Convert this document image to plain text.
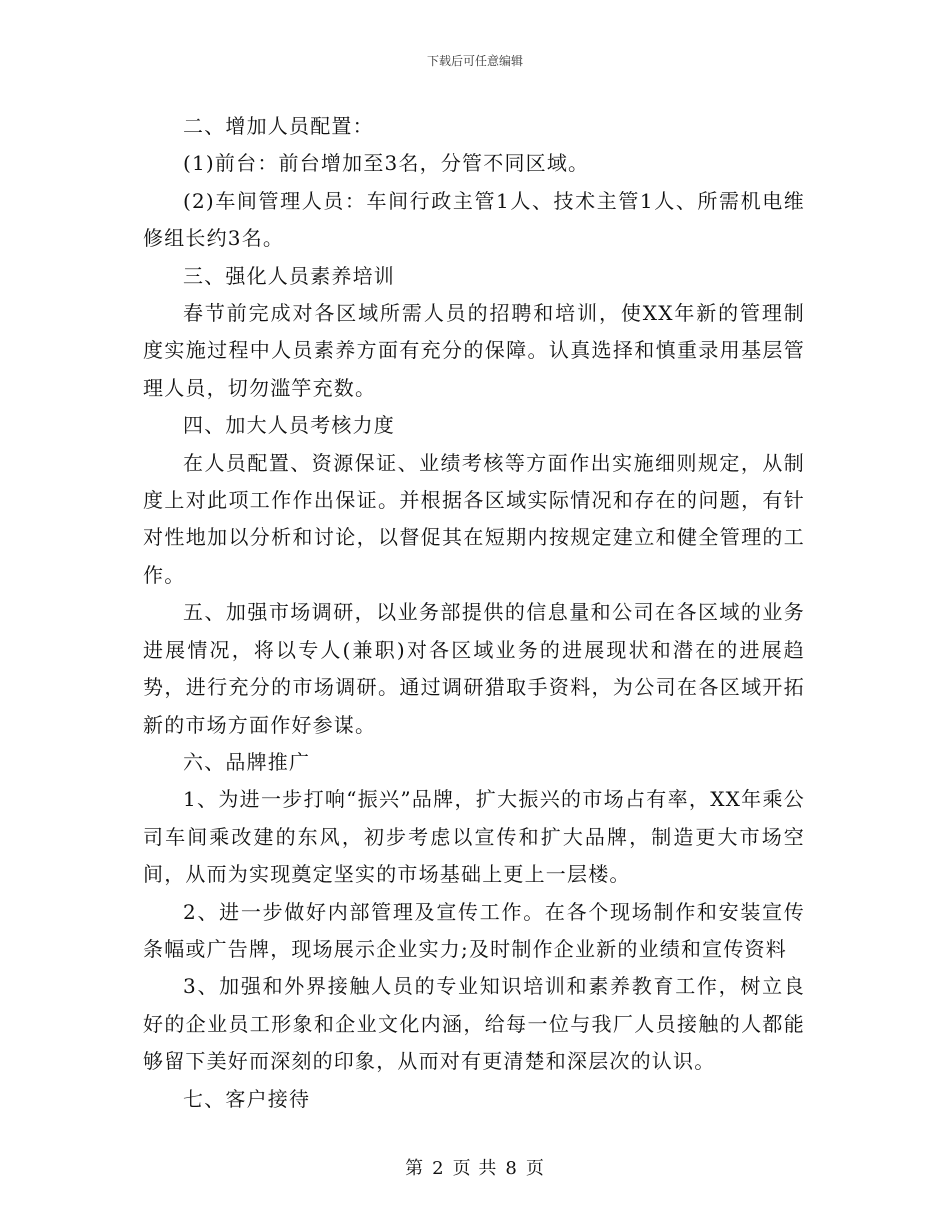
下载后可任意编辑

二、增加人员配置：

(1)前台：前台增加至3名，分管不同区域。

(2)车间管理人员：车间行政主管1人、技术主管1人、所需机电维修组长约3名。

三、强化人员素养培训

春节前完成对各区域所需人员的招聘和培训，使XX年新的管理制度实施过程中人员素养方面有充分的保障。认真选择和慎重录用基层管理人员，切勿滥竽充数。

四、加大人员考核力度

在人员配置、资源保证、业绩考核等方面作出实施细则规定，从制度上对此项工作作出保证。并根据各区域实际情况和存在的问题，有针对性地加以分析和讨论，以督促其在短期内按规定建立和健全管理的工作。

五、加强市场调研，以业务部提供的信息量和公司在各区域的业务进展情况，将以专人(兼职)对各区域业务的进展现状和潜在的进展趋势，进行充分的市场调研。通过调研猎取手资料，为公司在各区域开拓新的市场方面作好参谋。

六、品牌推广

1、为进一步打响“振兴”品牌，扩大振兴的市场占有率，XX年乘公司车间乘改建的东风，初步考虑以宣传和扩大品牌，制造更大市场空间，从而为实现奠定坚实的市场基础上更上一层楼。

2、进一步做好内部管理及宣传工作。在各个现场制作和安装宣传条幅或广告牌，现场展示企业实力;及时制作企业新的业绩和宣传资料

3、加强和外界接触人员的专业知识培训和素养教育工作，树立良好的企业员工形象和企业文化内涵，给每一位与我厂人员接触的人都能够留下美好而深刻的印象，从而对有更清楚和深层次的认识。

七、客户接待

第 2 页 共 8 页
